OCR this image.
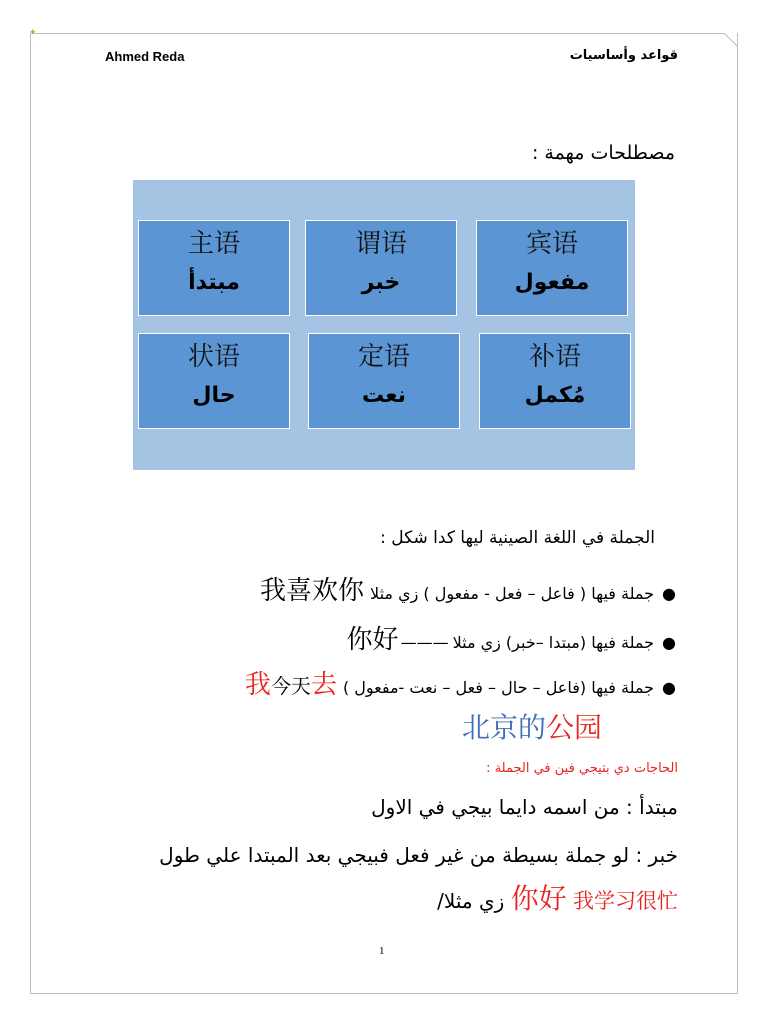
✦
Ahmed Reda	قواعد وأساسيات
مصطلحات مهمة :
宾语
مفعول
谓语
خبر
主语
مبتدأ
补语
مُكمل
定语
نعت
状语
حال
الجملة في اللغة الصينية ليها كدا شكل :
●
جملة فيها ( فاعل – فعل - مفعول ) زي مثلا
我喜欢你
●
جملة فيها (مبتدا –خبر) زي مثلا
———
你好
●
جملة فيها (فاعل – حال – فعل – نعت -مفعول )
去
今天
我
北京的公园
الحاجات دي بتيجي فين في الجملة :
مبتدأ : من اسمه دايما بيجي في الاول
خبر : لو جملة بسيطة من غير فعل فبيجي بعد المبتدا علي طول
你好 我学习很忙 زي مثلا/
1
